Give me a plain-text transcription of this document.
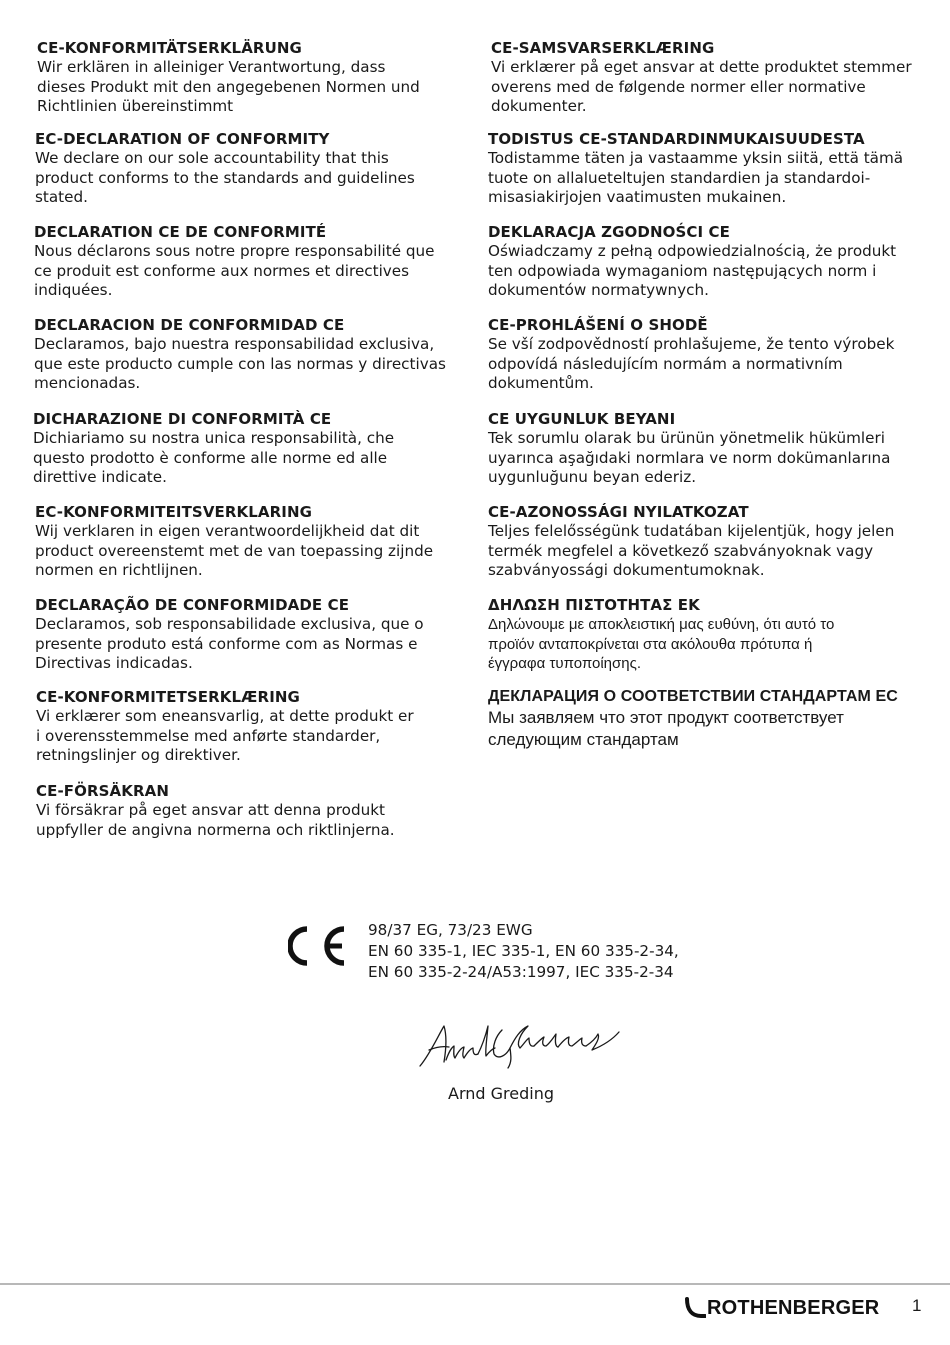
CE-KONFORMITÄTSERKLÄRUNG

Wir erklären in alleiniger Verantwortung, dass
dieses Produkt mit den angegebenen Normen und
Richtlinien übereinstimmt

EC-DECLARATION OF CONFORMITY

We declare on our sole accountability that this
product conforms to the standards and guidelines
stated.

DECLARATION CE DE CONFORMITÉ

Nous déclarons sous notre propre responsabilité que
ce produit est conforme aux normes et directives
indiquées.

DECLARACION DE CONFORMIDAD CE

Declaramos, bajo nuestra responsabilidad exclusiva,
que este producto cumple con las normas y directivas
mencionadas.

DICHARAZIONE DI CONFORMITÀ CE

Dichiariamo su nostra unica responsabilità, che
questo prodotto è conforme alle norme ed alle
direttive indicate.

EC-KONFORMITEITSVERKLARING

Wij verklaren in eigen verantwoordelijkheid dat dit
product overeenstemt met de van toepassing zijnde
normen en richtlijnen.

DECLARAÇÃO DE CONFORMIDADE CE

Declaramos, sob responsabilidade exclusiva, que o
presente produto está conforme com as Normas e
Directivas indicadas.

CE-KONFORMITETSERKLÆRING

Vi erklærer som eneansvarlig, at dette produkt er
i overensstemmelse med anførte standarder,
retningslinjer og direktiver.

CE-FÖRSÄKRAN

Vi försäkrar på eget ansvar att denna produkt
uppfyller de angivna normerna och riktlinjerna.

CE-SAMSVARSERKLÆRING

Vi erklærer på eget ansvar at dette produktet stemmer
overens med de følgende normer eller normative
dokumenter.

TODISTUS CE-STANDARDINMUKAISUUDESTA

Todistamme täten ja vastaamme yksin siitä, että tämä
tuote on allalueteltujen standardien ja standardoi-
misasiakirjojen vaatimusten mukainen.

DEKLARACJA ZGODNOŚCI CE

Oświadczamy z pełną odpowiedzialnością, że produkt
ten odpowiada wymaganiom następujących norm i
dokumentów normatywnych.

CE-PROHLÁŠENÍ O SHODĚ

Se vší zodpovědností prohlašujeme, že tento výrobek
odpovídá následujícím normám a normativním
dokumentům.

CE UYGUNLUK BEYANI

Tek sorumlu olarak bu ürünün yönetmelik hükümleri
uyarınca aşağıdaki normlara ve norm dokümanlarına
uygunluğunu beyan ederiz.

CE-AZONOSSÁGI NYILATKOZAT

Teljes felelősségünk tudatában kijelentjük, hogy jelen
termék megfelel a következő szabványoknak vagy
szabványossági dokumentumoknak.

ΔΗΛΩΣΗ ΠΙΣΤΟΤΗΤΑΣ ΕΚ

Δηλώνουμε με αποκλειστική μας ευθύνη, ότι αυτό το
προϊόν ανταποκρίνεται στα ακόλουθα πρότυπα ή
έγγραφα τυποποίησης.

ДЕКЛАРАЦИЯ О СООТВЕТСТВИИ СТАНДАРТАМ ЕС

Мы заявляем что этот продукт соответствует
следующим стандартам

98/37 EG, 73/23 EWG
EN 60 335-1, IEC 335-1, EN 60 335-2-34,
EN 60 335-2-24/A53:1997, IEC 335-2-34
Arnd Greding
ROTHENBERGER 1
